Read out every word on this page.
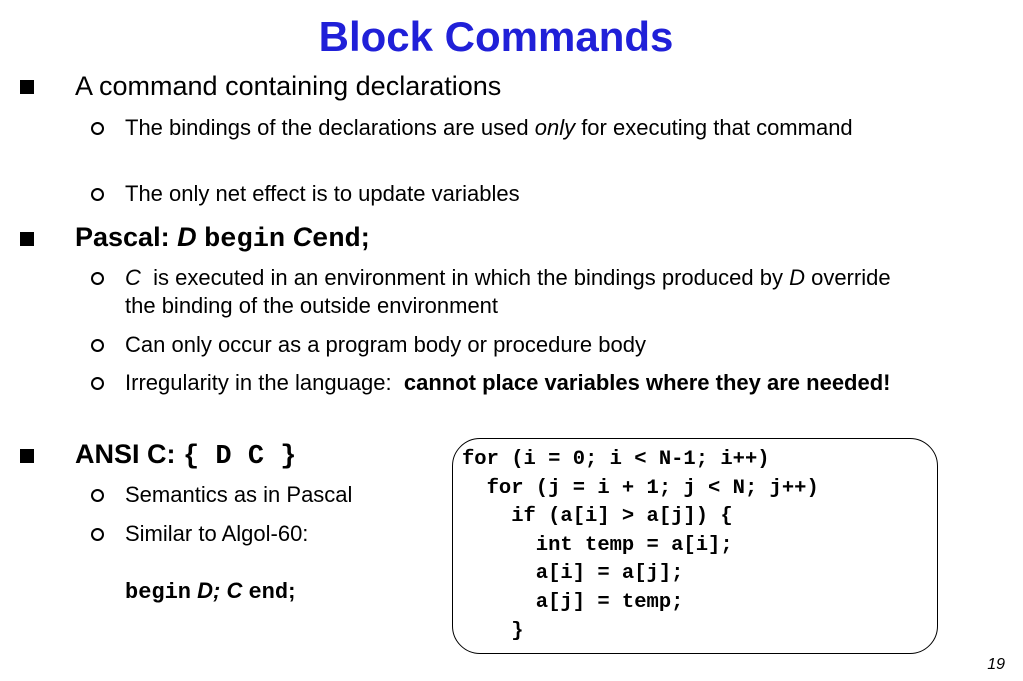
Block Commands
A command containing declarations
The bindings of the declarations are used only for executing that command
The only net effect is to update variables
Pascal: D begin Cend;
C  is executed in an environment in which the bindings produced by D override the binding of the outside environment
Can only occur as a program body or procedure body
Irregularity in the language:  cannot place variables where they are needed!
ANSI C: { D C }
Semantics as in Pascal
Similar to Algol-60:
begin D; C end;
for (i = 0; i < N-1; i++)
for (j = i + 1; j < N; j++)
if (a[i] > a[j]) {
int temp = a[i];
a[i] = a[j];
a[j] = temp;
}
19
